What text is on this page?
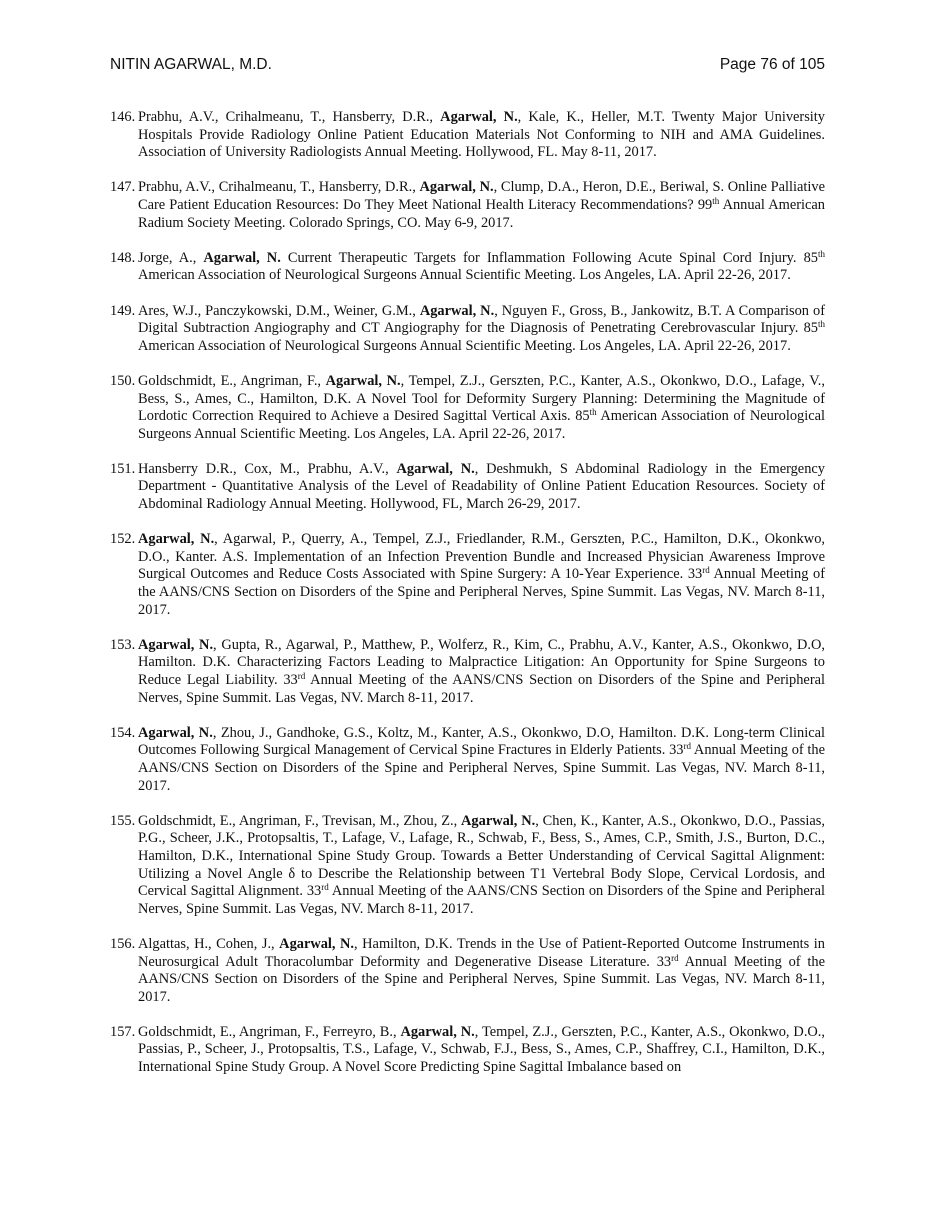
NITIN AGARWAL, M.D.	Page 76 of 105
146. Prabhu, A.V., Crihalmeanu, T., Hansberry, D.R., Agarwal, N., Kale, K., Heller, M.T. Twenty Major University Hospitals Provide Radiology Online Patient Education Materials Not Conforming to NIH and AMA Guidelines. Association of University Radiologists Annual Meeting. Hollywood, FL. May 8-11, 2017.
147. Prabhu, A.V., Crihalmeanu, T., Hansberry, D.R., Agarwal, N., Clump, D.A., Heron, D.E., Beriwal, S. Online Palliative Care Patient Education Resources: Do They Meet National Health Literacy Recommendations? 99th Annual American Radium Society Meeting. Colorado Springs, CO. May 6-9, 2017.
148. Jorge, A., Agarwal, N. Current Therapeutic Targets for Inflammation Following Acute Spinal Cord Injury. 85th American Association of Neurological Surgeons Annual Scientific Meeting. Los Angeles, LA. April 22-26, 2017.
149. Ares, W.J., Panczykowski, D.M., Weiner, G.M., Agarwal, N., Nguyen F., Gross, B., Jankowitz, B.T. A Comparison of Digital Subtraction Angiography and CT Angiography for the Diagnosis of Penetrating Cerebrovascular Injury. 85th American Association of Neurological Surgeons Annual Scientific Meeting. Los Angeles, LA. April 22-26, 2017.
150. Goldschmidt, E., Angriman, F., Agarwal, N., Tempel, Z.J., Gerszten, P.C., Kanter, A.S., Okonkwo, D.O., Lafage, V., Bess, S., Ames, C., Hamilton, D.K. A Novel Tool for Deformity Surgery Planning: Determining the Magnitude of Lordotic Correction Required to Achieve a Desired Sagittal Vertical Axis. 85th American Association of Neurological Surgeons Annual Scientific Meeting. Los Angeles, LA. April 22-26, 2017.
151. Hansberry D.R., Cox, M., Prabhu, A.V., Agarwal, N., Deshmukh, S Abdominal Radiology in the Emergency Department - Quantitative Analysis of the Level of Readability of Online Patient Education Resources. Society of Abdominal Radiology Annual Meeting. Hollywood, FL, March 26-29, 2017.
152. Agarwal, N., Agarwal, P., Querry, A., Tempel, Z.J., Friedlander, R.M., Gerszten, P.C., Hamilton, D.K., Okonkwo, D.O., Kanter. A.S. Implementation of an Infection Prevention Bundle and Increased Physician Awareness Improve Surgical Outcomes and Reduce Costs Associated with Spine Surgery: A 10-Year Experience. 33rd Annual Meeting of the AANS/CNS Section on Disorders of the Spine and Peripheral Nerves, Spine Summit. Las Vegas, NV. March 8-11, 2017.
153. Agarwal, N., Gupta, R., Agarwal, P., Matthew, P., Wolferz, R., Kim, C., Prabhu, A.V., Kanter, A.S., Okonkwo, D.O, Hamilton. D.K. Characterizing Factors Leading to Malpractice Litigation: An Opportunity for Spine Surgeons to Reduce Legal Liability. 33rd Annual Meeting of the AANS/CNS Section on Disorders of the Spine and Peripheral Nerves, Spine Summit. Las Vegas, NV. March 8-11, 2017.
154. Agarwal, N., Zhou, J., Gandhoke, G.S., Koltz, M., Kanter, A.S., Okonkwo, D.O, Hamilton. D.K. Long-term Clinical Outcomes Following Surgical Management of Cervical Spine Fractures in Elderly Patients. 33rd Annual Meeting of the AANS/CNS Section on Disorders of the Spine and Peripheral Nerves, Spine Summit. Las Vegas, NV. March 8-11, 2017.
155. Goldschmidt, E., Angriman, F., Trevisan, M., Zhou, Z., Agarwal, N., Chen, K., Kanter, A.S., Okonkwo, D.O., Passias, P.G., Scheer, J.K., Protopsaltis, T., Lafage, V., Lafage, R., Schwab, F., Bess, S., Ames, C.P., Smith, J.S., Burton, D.C., Hamilton, D.K., International Spine Study Group. Towards a Better Understanding of Cervical Sagittal Alignment: Utilizing a Novel Angle δ to Describe the Relationship between T1 Vertebral Body Slope, Cervical Lordosis, and Cervical Sagittal Alignment. 33rd Annual Meeting of the AANS/CNS Section on Disorders of the Spine and Peripheral Nerves, Spine Summit. Las Vegas, NV. March 8-11, 2017.
156. Algattas, H., Cohen, J., Agarwal, N., Hamilton, D.K. Trends in the Use of Patient-Reported Outcome Instruments in Neurosurgical Adult Thoracolumbar Deformity and Degenerative Disease Literature. 33rd Annual Meeting of the AANS/CNS Section on Disorders of the Spine and Peripheral Nerves, Spine Summit. Las Vegas, NV. March 8-11, 2017.
157. Goldschmidt, E., Angriman, F., Ferreyro, B., Agarwal, N., Tempel, Z.J., Gerszten, P.C., Kanter, A.S., Okonkwo, D.O., Passias, P., Scheer, J., Protopsaltis, T.S., Lafage, V., Schwab, F.J., Bess, S., Ames, C.P., Shaffrey, C.I., Hamilton, D.K., International Spine Study Group. A Novel Score Predicting Spine Sagittal Imbalance based on
